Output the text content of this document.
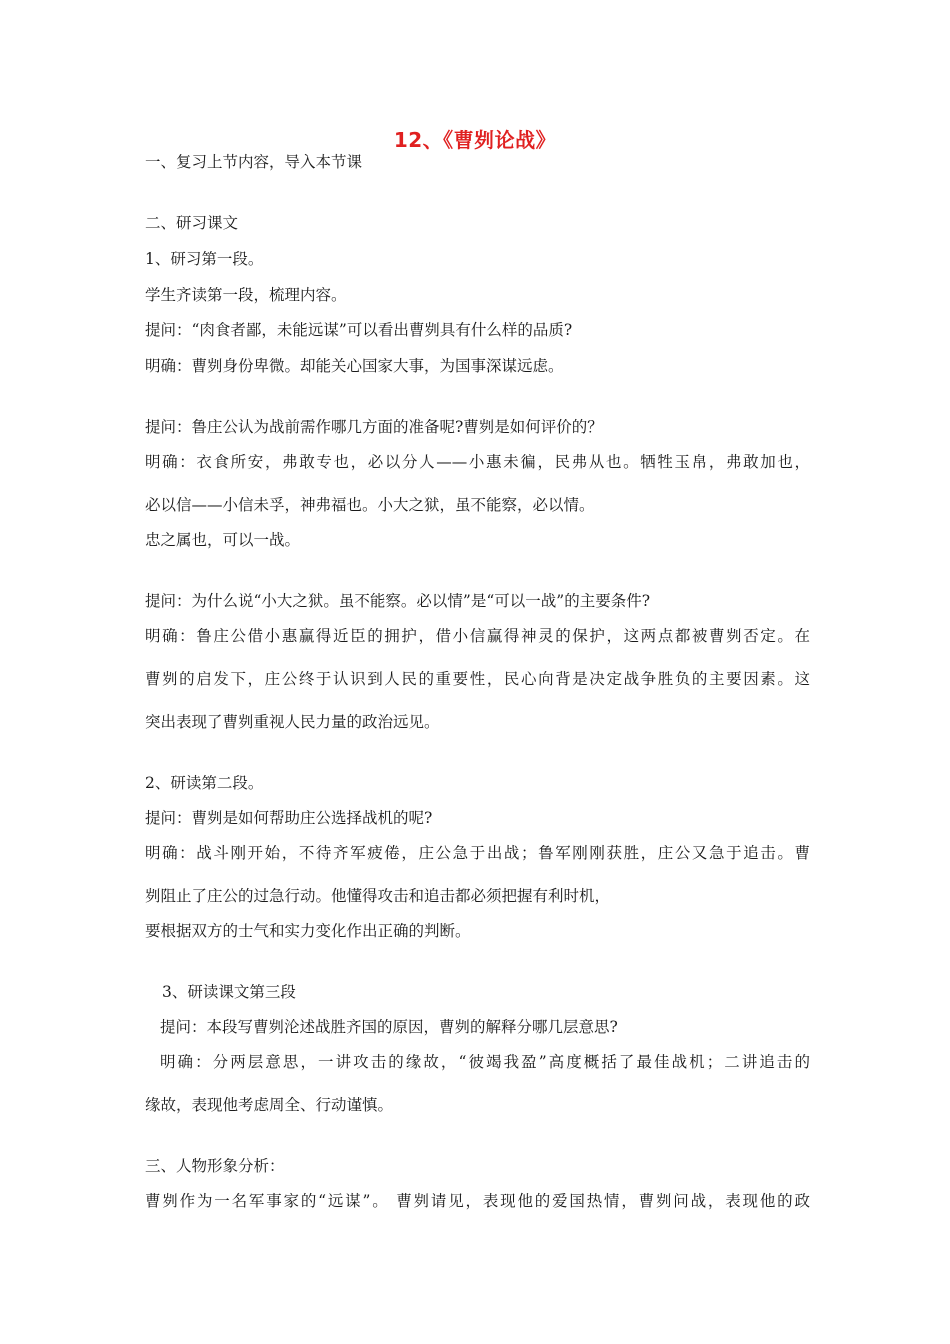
12、《曹刿论战》
一、复习上节内容，导入本节课
二、研习课文
1、研习第一段。
学生齐读第一段，梳理内容。
提问：“肉食者鄙，未能远谋”可以看出曹刿具有什么样的品质?
明确：曹刿身份卑微。却能关心国家大事，为国事深谋远虑。
提问：鲁庄公认为战前需作哪几方面的准备呢?曹刿是如何评价的？
明确：衣食所安，弗敢专也，必以分人——小惠未徧，民弗从也。牺牲玉帛，弗敢加也，
必以信——小信未孚，神弗福也。小大之狱，虽不能察，必以情。
忠之属也，可以一战。
提问：为什么说“小大之狱。虽不能察。必以情”是“可以一战”的主要条件?
明确：鲁庄公借小惠赢得近臣的拥护，借小信赢得神灵的保护，这两点都被曹刿否定。在
曹刿的启发下，庄公终于认识到人民的重要性，民心向背是决定战争胜负的主要因素。这
突出表现了曹刿重视人民力量的政治远见。
2、研读第二段。
提问：曹刿是如何帮助庄公选择战机的呢?
明确：战斗刚开始，不待齐军疲倦，庄公急于出战；鲁军刚刚获胜，庄公又急于追击。曹
刿阻止了庄公的过急行动。他懂得攻击和追击都必须把握有利时机，
要根据双方的士气和实力变化作出正确的判断。
3、研读课文第三段
提问：本段写曹刿沦述战胜齐国的原因，曹刿的解释分哪几层意思?
明确：分两层意思，一讲攻击的缘故，“彼竭我盈”高度概括了最佳战机；二讲追击的
缘故，表现他考虑周全、行动谨慎。
三、人物形象分析：
曹刿作为一名军事家的“远谋”。 曹刿请见，表现他的爱国热情，曹刿问战，表现他的政
